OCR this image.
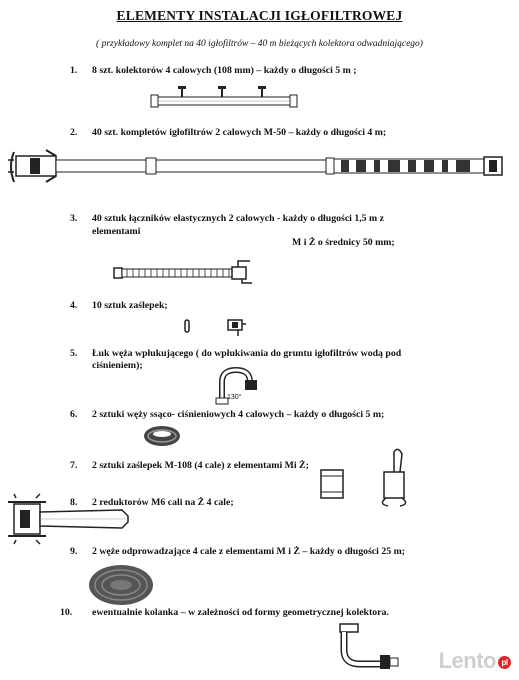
ELEMENTY INSTALACJI IGŁOFILTROWEJ
( przykładowy komplet na 40 igłofiltrów – 40 m bieżących kolektora odwadniającego)
1. 8 szt. kolektorów 4 calowych (108 mm) – każdy o długości 5 m ;
2. 40 szt. kompletów igłofiltrów 2 calowych M-50 – każdy o długości 4 m;
3. 40 sztuk łączników elastycznych 2 calowych - każdy o długości 1,5 m z
elementami
M i Ż o średnicy 50 mm;
4. 10 sztuk zaślepek;
5. Łuk węża wpłukującego ( do wpłukiwania do gruntu igłofiltrów wodą pod
ciśnieniem);
130°
6. 2 sztuki węży ssąco- ciśnieniowych 4 calowych – każdy o długości 5 m;
7. 2 sztuki zaślepek M-108 (4 cale) z elementami Mi Ż;
8. 2 reduktorów M6 cali na Ż 4 cale;
9. 2 węże odprowadzające 4 cale z elementami M i Ż – każdy o długości 25 m;
10. ewentualnie kolanka – w zależności od formy geometrycznej kolektora.
Lento pl
